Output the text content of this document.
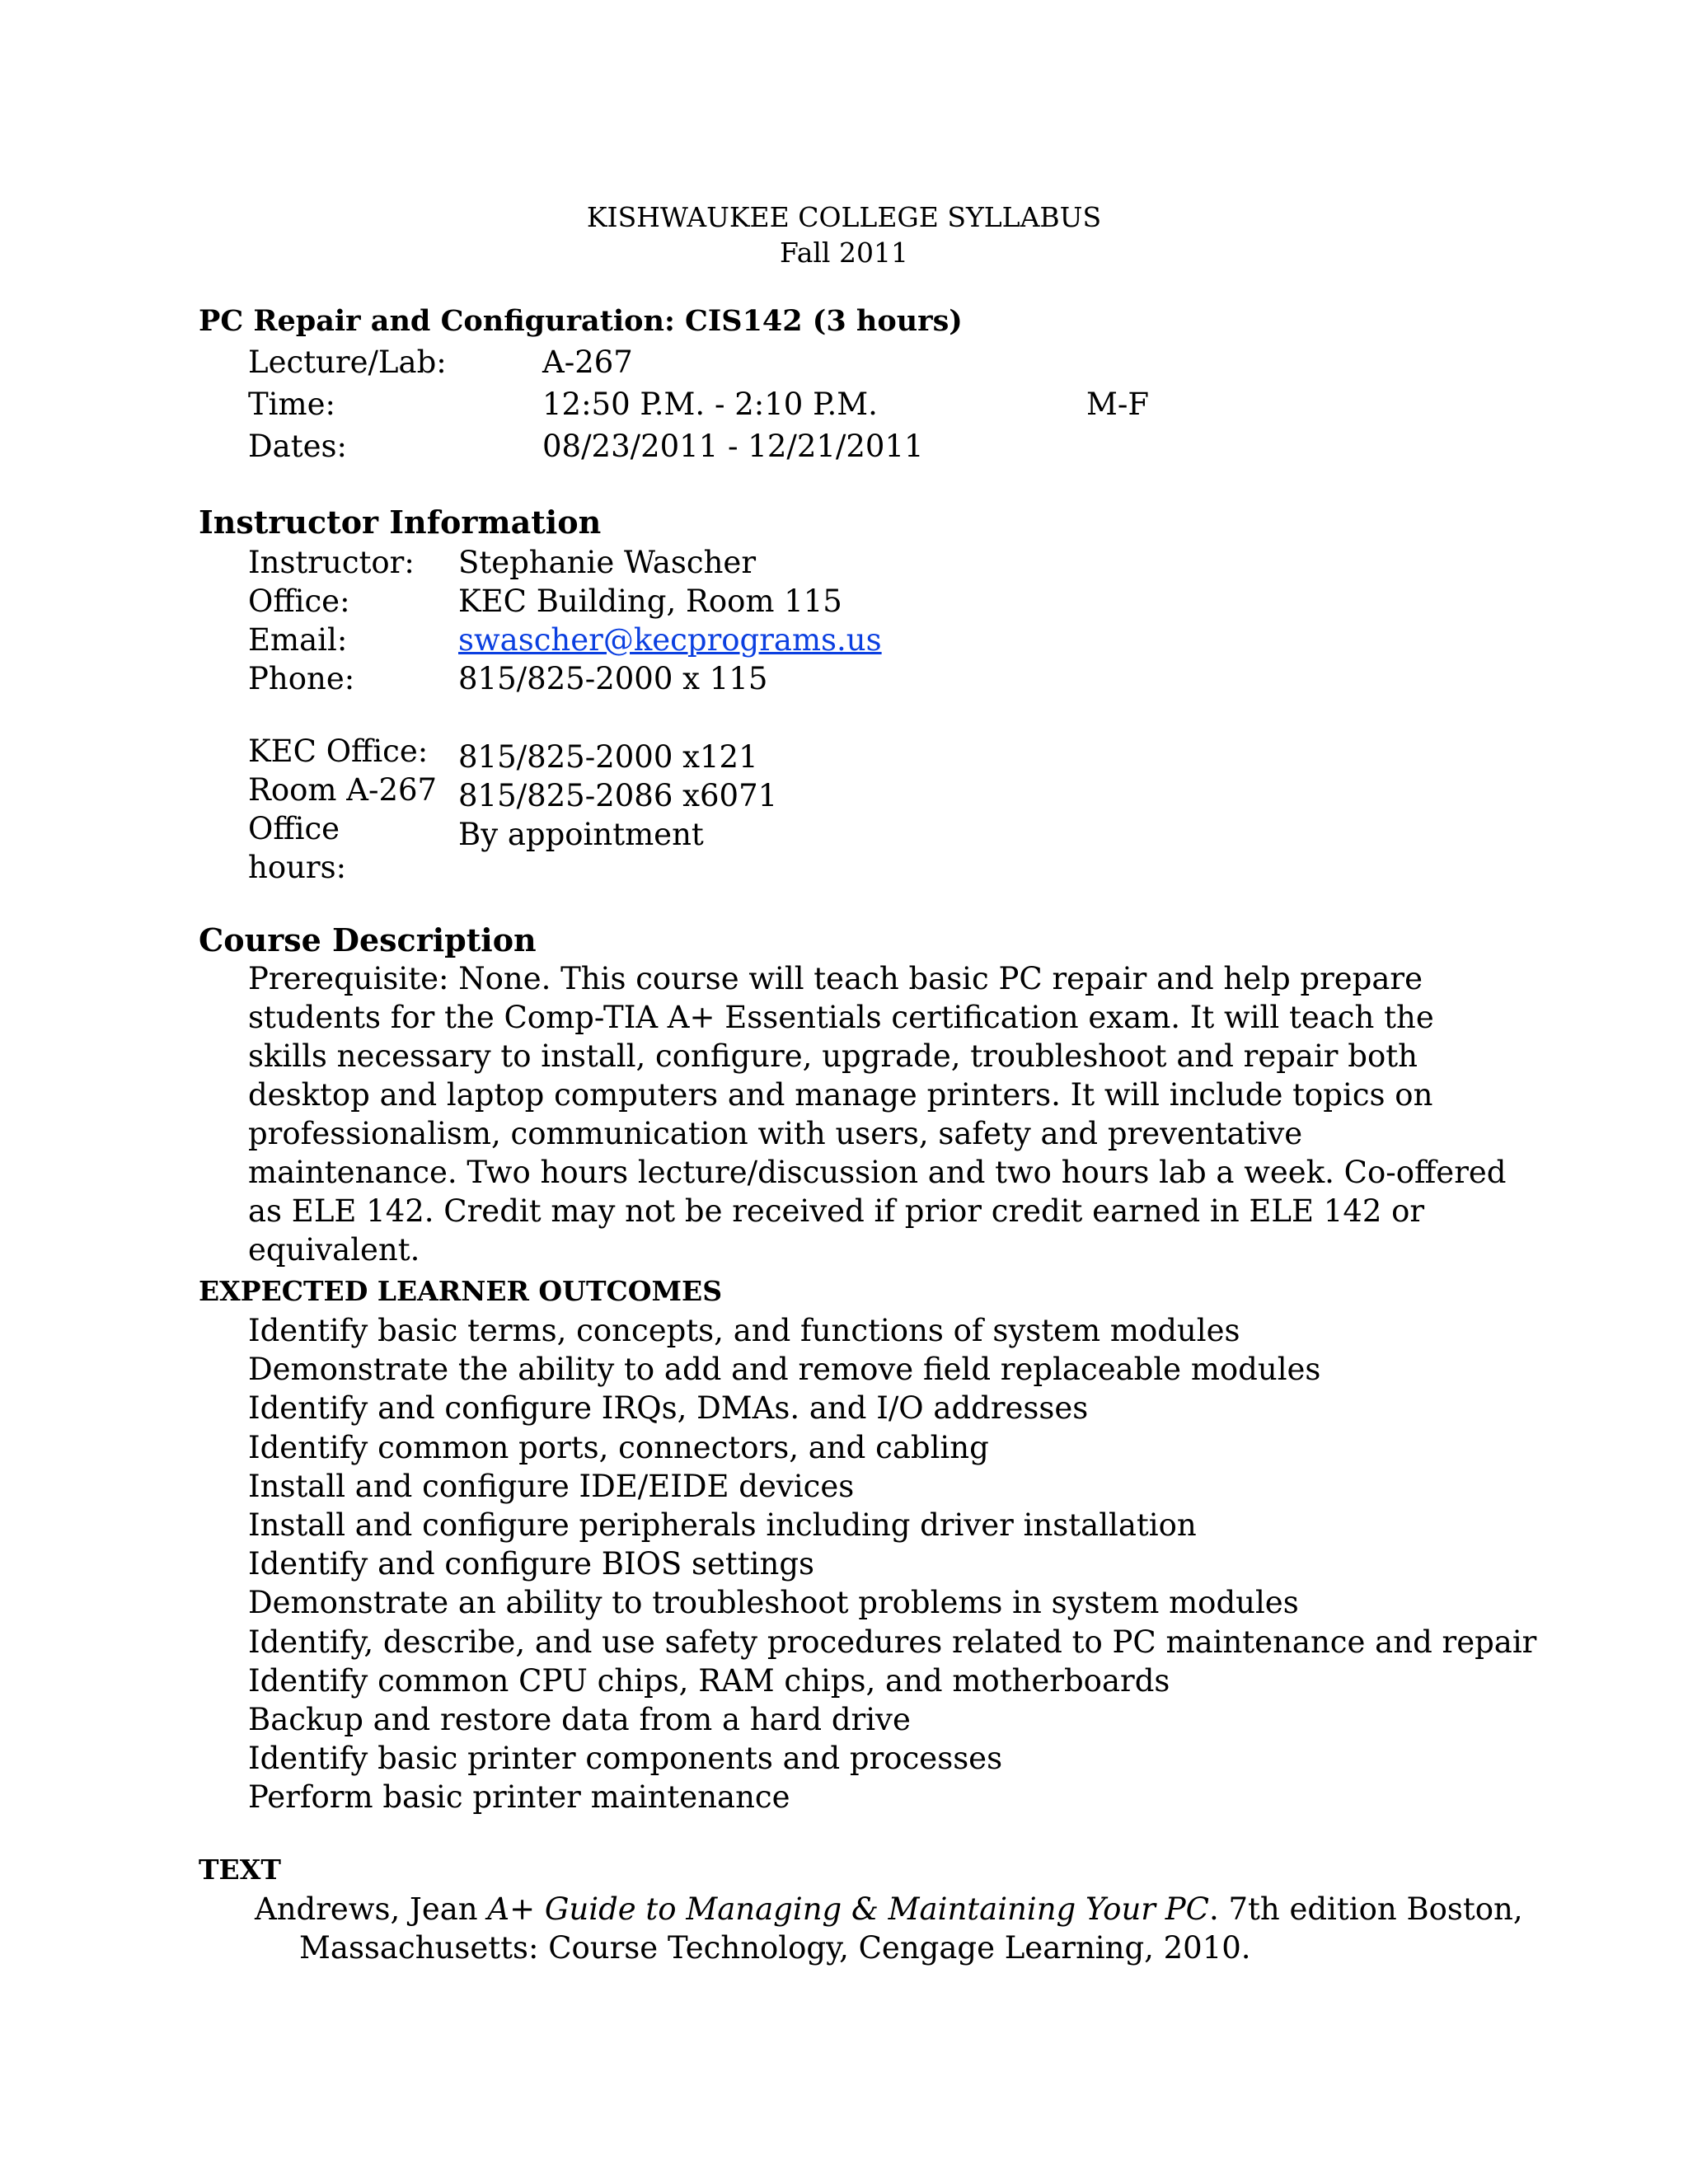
KISHWAUKEE COLLEGE SYLLABUS
Fall 2011
PC Repair and Configuration: CIS142 (3 hours)
Lecture/Lab:	A-267
Time:	12:50 P.M. - 2:10 P.M.	M-F
Dates:	08/23/2011 - 12/21/2011
Instructor Information
Instructor: Stephanie Wascher
Office:	KEC Building, Room 115
Email:	swascher@kecprograms.us
Phone:	815/825-2000 x 115
KEC Office: 815/825-2000 x121
Room A-267 815/825-2086 x6071
Office	By appointment
hours:
Course Description

Prerequisite: None. This course will teach basic PC repair and help prepare students for the Comp-TIA A+ Essentials certification exam. It will teach the skills necessary to install, configure, upgrade, troubleshoot and repair both desktop and laptop computers and manage printers. It will include topics on professionalism, communication with users, safety and preventative maintenance. Two hours lecture/discussion and two hours lab a week. Co-offered as ELE 142. Credit may not be received if prior credit earned in ELE 142 or equivalent.

EXPECTED LEARNER OUTCOMES
Identify basic terms, concepts, and functions of system modules
Demonstrate the ability to add and remove field replaceable modules
Identify and configure IRQs, DMAs. and I/O addresses
Identify common ports, connectors, and cabling
Install and configure IDE/EIDE devices
Install and configure peripherals including driver installation
Identify and configure BIOS settings
Demonstrate an ability to troubleshoot problems in system modules
Identify, describe, and use safety procedures related to PC maintenance and repair
Identify common CPU chips, RAM chips, and motherboards
Backup and restore data from a hard drive
Identify basic printer components and processes
Perform basic printer maintenance
TEXT
Andrews, Jean A+ Guide to Managing & Maintaining Your PC. 7th edition Boston,
Massachusetts: Course Technology, Cengage Learning, 2010.
